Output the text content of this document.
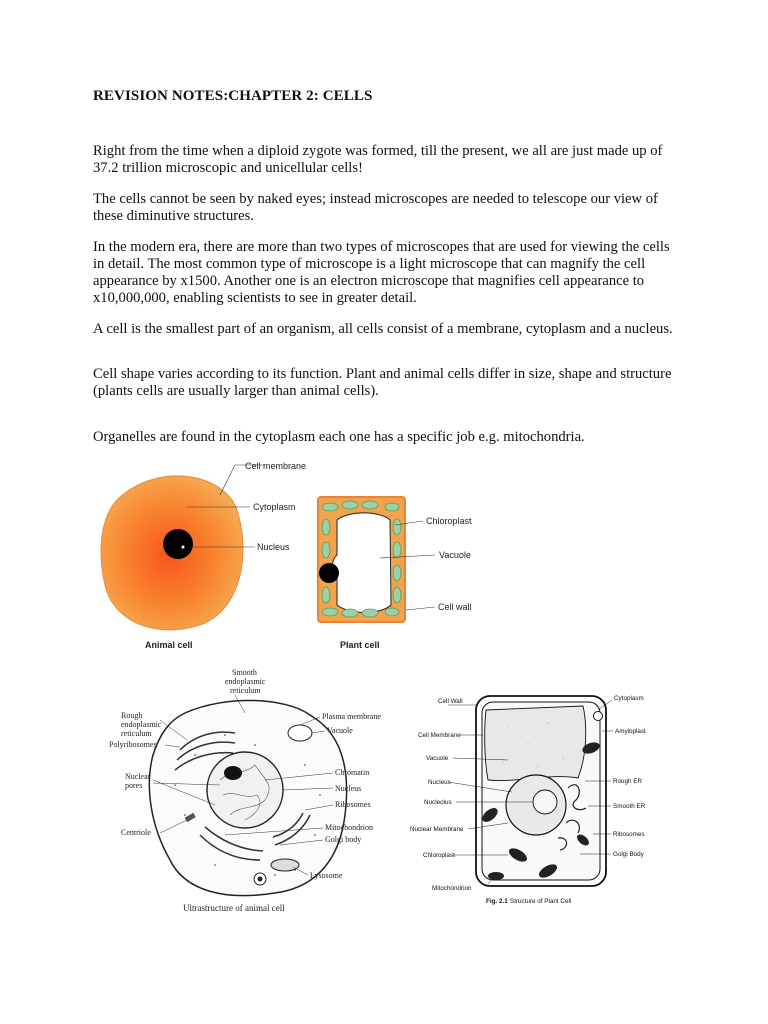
REVISION NOTES:CHAPTER 2: CELLS

Right from the time when a diploid zygote was formed, till the present, we all are just made up of 37.2 trillion microscopic and unicellular cells!

The cells cannot be seen by naked eyes; instead microscopes are needed to telescope our view of these diminutive structures.

In the modern era, there are more than two types of microscopes that are used for viewing the cells in detail. The most common type of microscope is a light microscope that can magnify the cell appearance by x1500. Another one is an electron microscope that magnifies cell appearance to x10,000,000, enabling scientists to see in greater detail.

A cell is the smallest part of an organism, all cells consist of a membrane, cytoplasm and a nucleus.

Cell shape varies according to its function. Plant and animal cells differ in size, shape and structure (plants cells are usually larger than animal cells).

Organelles are found in the cytoplasm each one has a specific job e.g. mitochondria.

Cell membrane
Cytoplasm
Nucleus
Chloroplast
Vacuole
Cell wall
Animal cell	Plant cell
Smooth
endoplasmic
reticulum
Rough
endoplasmic
reticulum
Polyribosomes
Nuclear
pores
Centriole
Plasma membrane
Vacuole
Chromatin
Nucleus
Ribosomes
Mitochondrion
Golgi body
Lysosome
Ultrastructure of animal cell
Cell Wall
Cell Membrane
Vacuole
Nucleus
Nucleolus
Nuclear Membrane
Chloroplast
Mitochondrion
Cytoplasm
Amyloplast
Rough ER
Smooth ER
Ribosomes
Golgi Body
Fig. 2.1 Structure of Plant Cell
